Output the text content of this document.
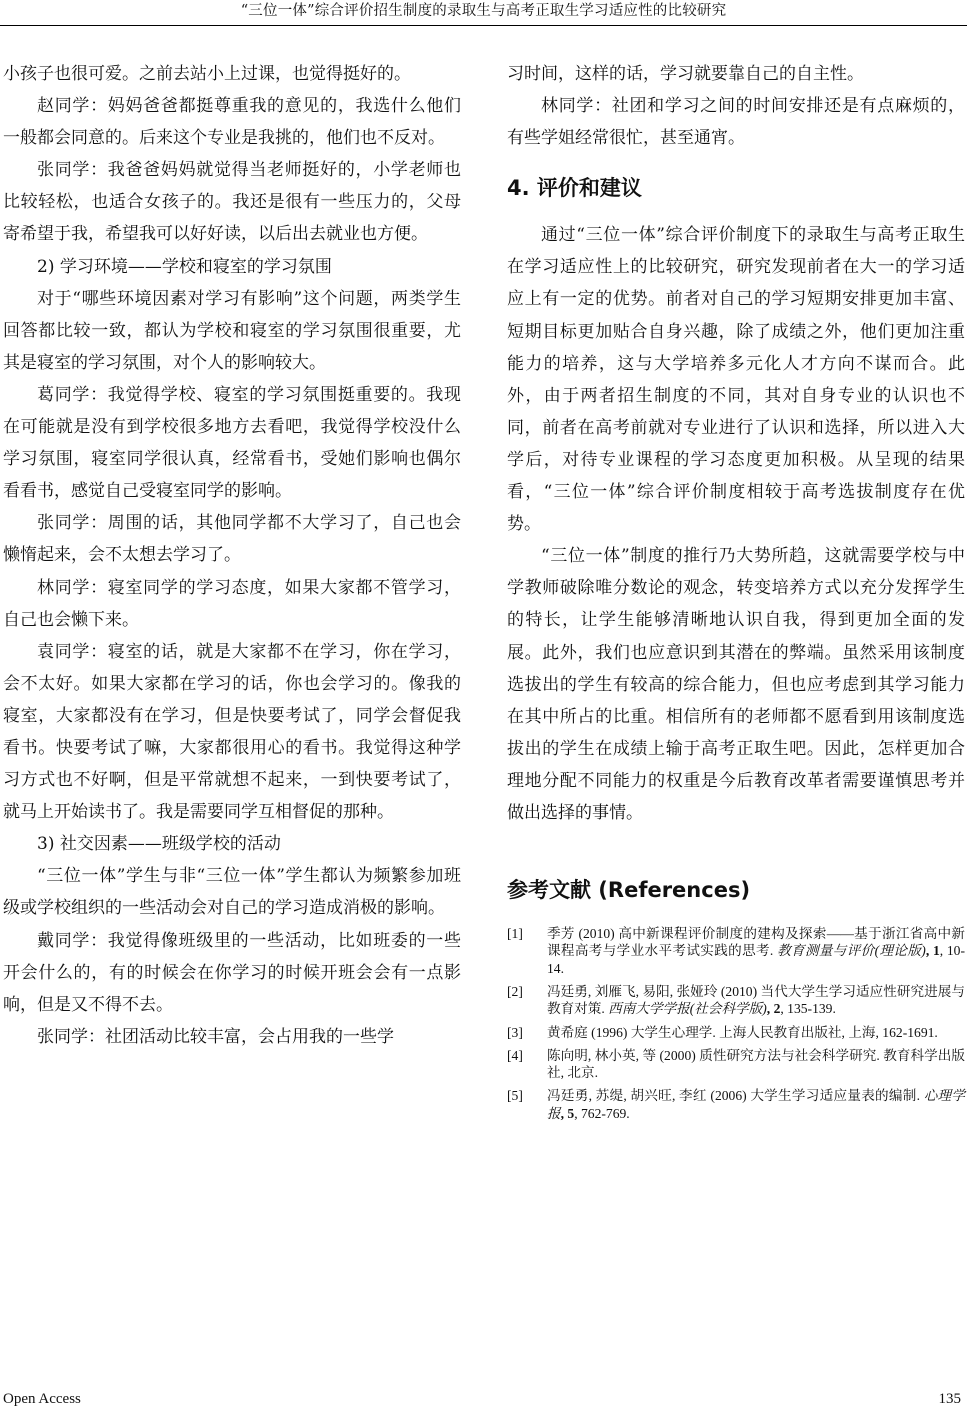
“三位一体”综合评价招生制度的录取生与高考正取生学习适应性的比较研究

小孩子也很可爱。之前去站小上过课，也觉得挺好的。

赵同学：妈妈爸爸都挺尊重我的意见的，我选什么他们一般都会同意的。后来这个专业是我挑的，他们也不反对。

张同学：我爸爸妈妈就觉得当老师挺好的，小学老师也比较轻松，也适合女孩子的。我还是很有一些压力的，父母寄希望于我，希望我可以好好读，以后出去就业也方便。

2) 学习环境——学校和寝室的学习氛围

对于“哪些环境因素对学习有影响”这个问题，两类学生回答都比较一致，都认为学校和寝室的学习氛围很重要，尤其是寝室的学习氛围，对个人的影响较大。

葛同学：我觉得学校、寝室的学习氛围挺重要的。我现在可能就是没有到学校很多地方去看吧，我觉得学校没什么学习氛围，寝室同学很认真，经常看书，受她们影响也偶尔看看书，感觉自己受寝室同学的影响。

张同学：周围的话，其他同学都不大学习了，自己也会懒惰起来，会不太想去学习了。

林同学：寝室同学的学习态度，如果大家都不管学习，自己也会懒下来。

袁同学：寝室的话，就是大家都不在学习，你在学习，会不太好。如果大家都在学习的话，你也会学习的。像我的寝室，大家都没有在学习，但是快要考试了，同学会督促我看书。快要考试了嘛，大家都很用心的看书。我觉得这种学习方式也不好啊，但是平常就想不起来，一到快要考试了，就马上开始读书了。我是需要同学互相督促的那种。

3) 社交因素——班级学校的活动

“三位一体”学生与非“三位一体”学生都认为频繁参加班级或学校组织的一些活动会对自己的学习造成消极的影响。

戴同学：我觉得像班级里的一些活动，比如班委的一些开会什么的，有的时候会在你学习的时候开班会会有一点影响，但是又不得不去。

张同学：社团活动比较丰富，会占用我的一些学

习时间，这样的话，学习就要靠自己的自主性。

林同学：社团和学习之间的时间安排还是有点麻烦的，有些学姐经常很忙，甚至通宵。

4. 评价和建议

通过“三位一体”综合评价制度下的录取生与高考正取生在学习适应性上的比较研究，研究发现前者在大一的学习适应上有一定的优势。前者对自己的学习短期安排更加丰富、短期目标更加贴合自身兴趣，除了成绩之外，他们更加注重能力的培养，这与大学培养多元化人才方向不谋而合。此外，由于两者招生制度的不同，其对自身专业的认识也不同，前者在高考前就对专业进行了认识和选择，所以进入大学后，对待专业课程的学习态度更加积极。从呈现的结果看，“三位一体”综合评价制度相较于高考选拔制度存在优势。

“三位一体”制度的推行乃大势所趋，这就需要学校与中学教师破除唯分数论的观念，转变培养方式以充分发挥学生的特长，让学生能够清晰地认识自我，得到更加全面的发展。此外，我们也应意识到其潜在的弊端。虽然采用该制度选拔出的学生有较高的综合能力，但也应考虑到其学习能力在其中所占的比重。相信所有的老师都不愿看到用该制度选拔出的学生在成绩上输于高考正取生吧。因此，怎样更加合理地分配不同能力的权重是今后教育改革者需要谨慎思考并做出选择的事情。

参考文献 (References)
[1]	季芳 (2010) 高中新课程评价制度的建构及探索——基于浙江省高中新课程高考与学业水平考试实践的思考. 教育测量与评价(理论版), 1, 10-14.
[2]	冯廷勇, 刘雁飞, 易阳, 张娅玲 (2010) 当代大学生学习适应性研究进展与教育对策. 西南大学学报(社会科学版), 2, 135-139.
[3]	黄希庭 (1996) 大学生心理学. 上海人民教育出版社, 上海, 162-1691.
[4]	陈向明, 林小英, 等 (2000) 质性研究方法与社会科学研究. 教育科学出版社, 北京.
[5]	冯廷勇, 苏缇, 胡兴旺, 李红 (2006) 大学生学习适应量表的编制. 心理学报, 5, 762-769.
Open Access	135
